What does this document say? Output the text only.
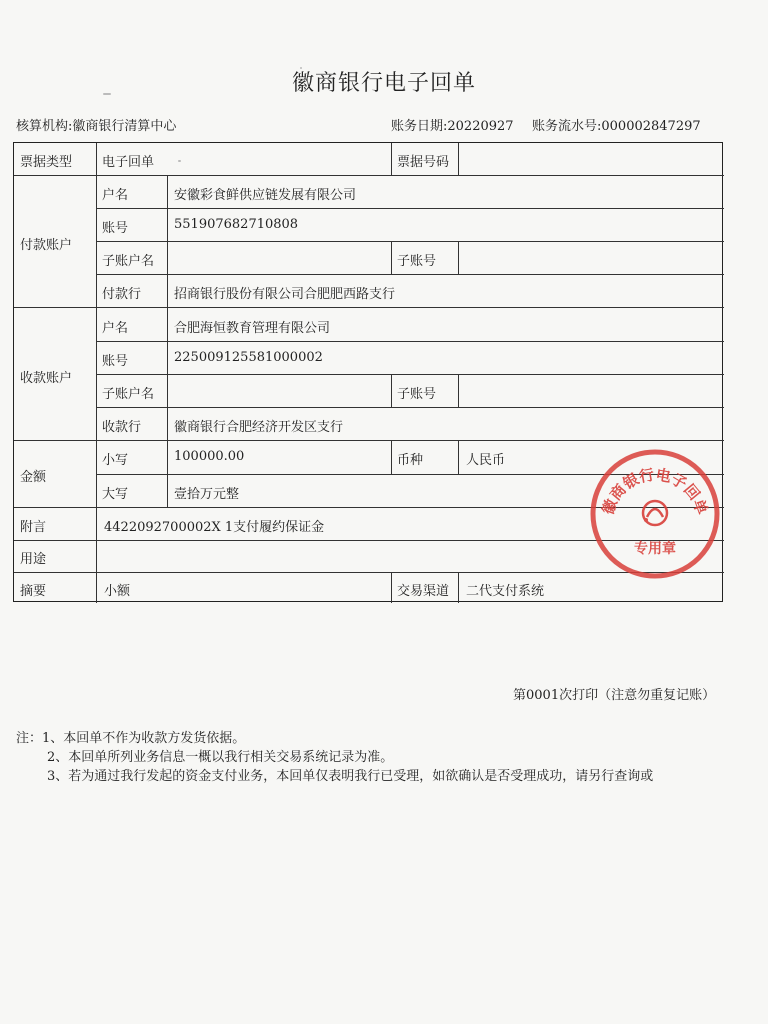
徽商银行电子回单
核算机构:徽商银行清算中心	账务日期:20220927 账务流水号:000002847297
票据类型 电子回单	票据号码
付款账户
户名	安徽彩食鲜供应链发展有限公司
账号	551907682710808
子账户名	子账号
付款行	招商银行股份有限公司合肥肥西路支行
收款账户
户名	合肥海恒教育管理有限公司
账号	225009125581000002
子账户名	子账号
收款行	徽商银行合肥经济开发区支行
金额
小写	100000.00	币种	人民币
大写	壹拾万元整
附言	4422092700002X 1支付履约保证金
用途
摘要	小额	交易渠道 二代支付系统
徽商银行电子回单
专用章
第0001次打印（注意勿重复记账）
注：1、本回单不作为收款方发货依据。
2、本回单所列业务信息一概以我行相关交易系统记录为准。
3、若为通过我行发起的资金支付业务，本回单仅表明我行已受理，如欲确认是否受理成功，请另行查询或
